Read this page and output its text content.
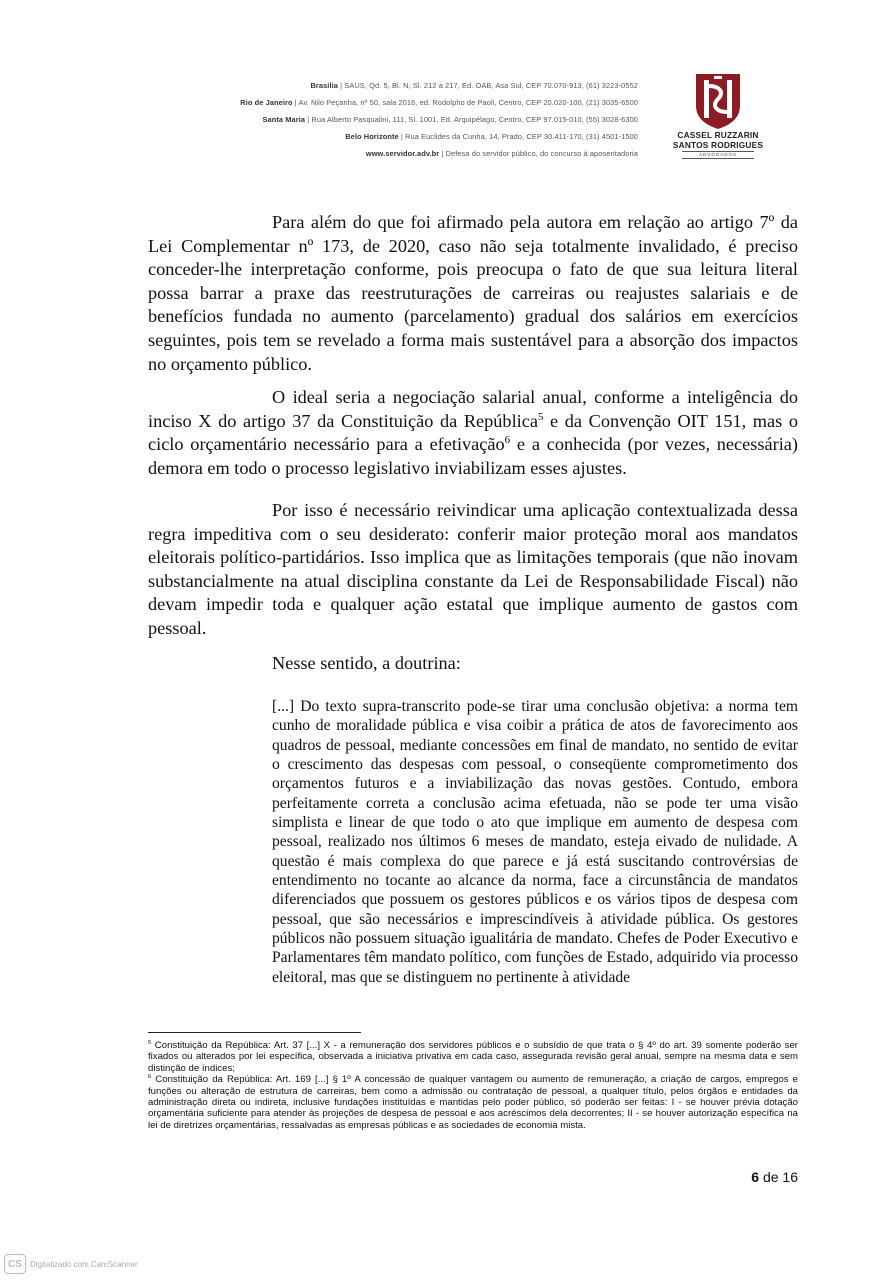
Brasília | SAUS, Qd. 5, Bl. N, Sl. 212 a 217, Ed. OAB, Asa Sul, CEP 70.070-913, (61) 3223-0552
Rio de Janeiro | Av. Nilo Peçanha, nº 50, sala 2016, ed. Rodolpho de Paoli, Centro, CEP 20.020-100, (21) 3035-6500
Santa Maria | Rua Alberto Pasqualini, 111, Sl. 1001, Ed. Arquipélago, Centro, CEP 97.015-010, (55) 3028-6300
Belo Horizonte | Rua Euclides da Cunha, 14, Prado, CEP 30.411-170, (31) 4501-1500
www.servidor.adv.br | Defesa do servidor público, do concurso à aposentadoria
CASSEL RUZZARIN
SANTOS RODRIGUES
ADVOGADOS

Para além do que foi afirmado pela autora em relação ao artigo 7º da Lei Complementar nº 173, de 2020, caso não seja totalmente invalidado, é preciso conceder-lhe interpretação conforme, pois preocupa o fato de que sua leitura literal possa barrar a praxe das reestruturações de carreiras ou reajustes salariais e de benefícios fundada no aumento (parcelamento) gradual dos salários em exercícios seguintes, pois tem se revelado a forma mais sustentável para a absorção dos impactos no orçamento público.

O ideal seria a negociação salarial anual, conforme a inteligência do inciso X do artigo 37 da Constituição da República$^5$ e da Convenção OIT 151, mas o ciclo orçamentário necessário para a efetivação$^6$ e a conhecida (por vezes, necessária) demora em todo o processo legislativo inviabilizam esses ajustes.

Por isso é necessário reivindicar uma aplicação contextualizada dessa regra impeditiva com o seu desiderato: conferir maior proteção moral aos mandatos eleitorais político-partidários. Isso implica que as limitações temporais (que não inovam substancialmente na atual disciplina constante da Lei de Responsabilidade Fiscal) não devam impedir toda e qualquer ação estatal que implique aumento de gastos com pessoal.

Nesse sentido, a doutrina:

[...] Do texto supra-transcrito pode-se tirar uma conclusão objetiva: a norma tem cunho de moralidade pública e visa coibir a prática de atos de favorecimento aos quadros de pessoal, mediante concessões em final de mandato, no sentido de evitar o crescimento das despesas com pessoal, o conseqüente comprometimento dos orçamentos futuros e a inviabilização das novas gestões. Contudo, embora perfeitamente correta a conclusão acima efetuada, não se pode ter uma visão simplista e linear de que todo o ato que implique em aumento de despesa com pessoal, realizado nos últimos 6 meses de mandato, esteja eivado de nulidade. A questão é mais complexa do que parece e já está suscitando controvérsias de entendimento no tocante ao alcance da norma, face a circunstância de mandatos diferenciados que possuem os gestores públicos e os vários tipos de despesa com pessoal, que são necessários e imprescindíveis à atividade pública. Os gestores públicos não possuem situação igualitária de mandato. Chefes de Poder Executivo e Parlamentares têm mandato político, com funções de Estado, adquirido via processo eleitoral, mas que se distinguem no pertinente à atividade

$^5$ Constituição da República: Art. 37 [...] X - a remuneração dos servidores públicos e o subsídio de que trata o § 4º do art. 39 somente poderão ser fixados ou alterados por lei específica, observada a iniciativa privativa em cada caso, assegurada revisão geral anual, sempre na mesma data e sem distinção de índices;

$^6$ Constituição da República: Art. 169 [...] § 1º A concessão de qualquer vantagem ou aumento de remuneração, a criação de cargos, empregos e funções ou alteração de estrutura de carreiras, bem como a admissão ou contratação de pessoal, a qualquer título, pelos órgãos e entidades da administração direta ou indireta, inclusive fundações instituídas e mantidas pelo poder público, só poderão ser feitas: I - se houver prévia dotação orçamentária suficiente para atender às projeções de despesa de pessoal e aos acréscimos dela decorrentes; II - se houver autorização específica na lei de diretrizes orçamentárias, ressalvadas as empresas públicas e as sociedades de economia mista.

6 de 16
CS	Digitalizado com CamScanner
